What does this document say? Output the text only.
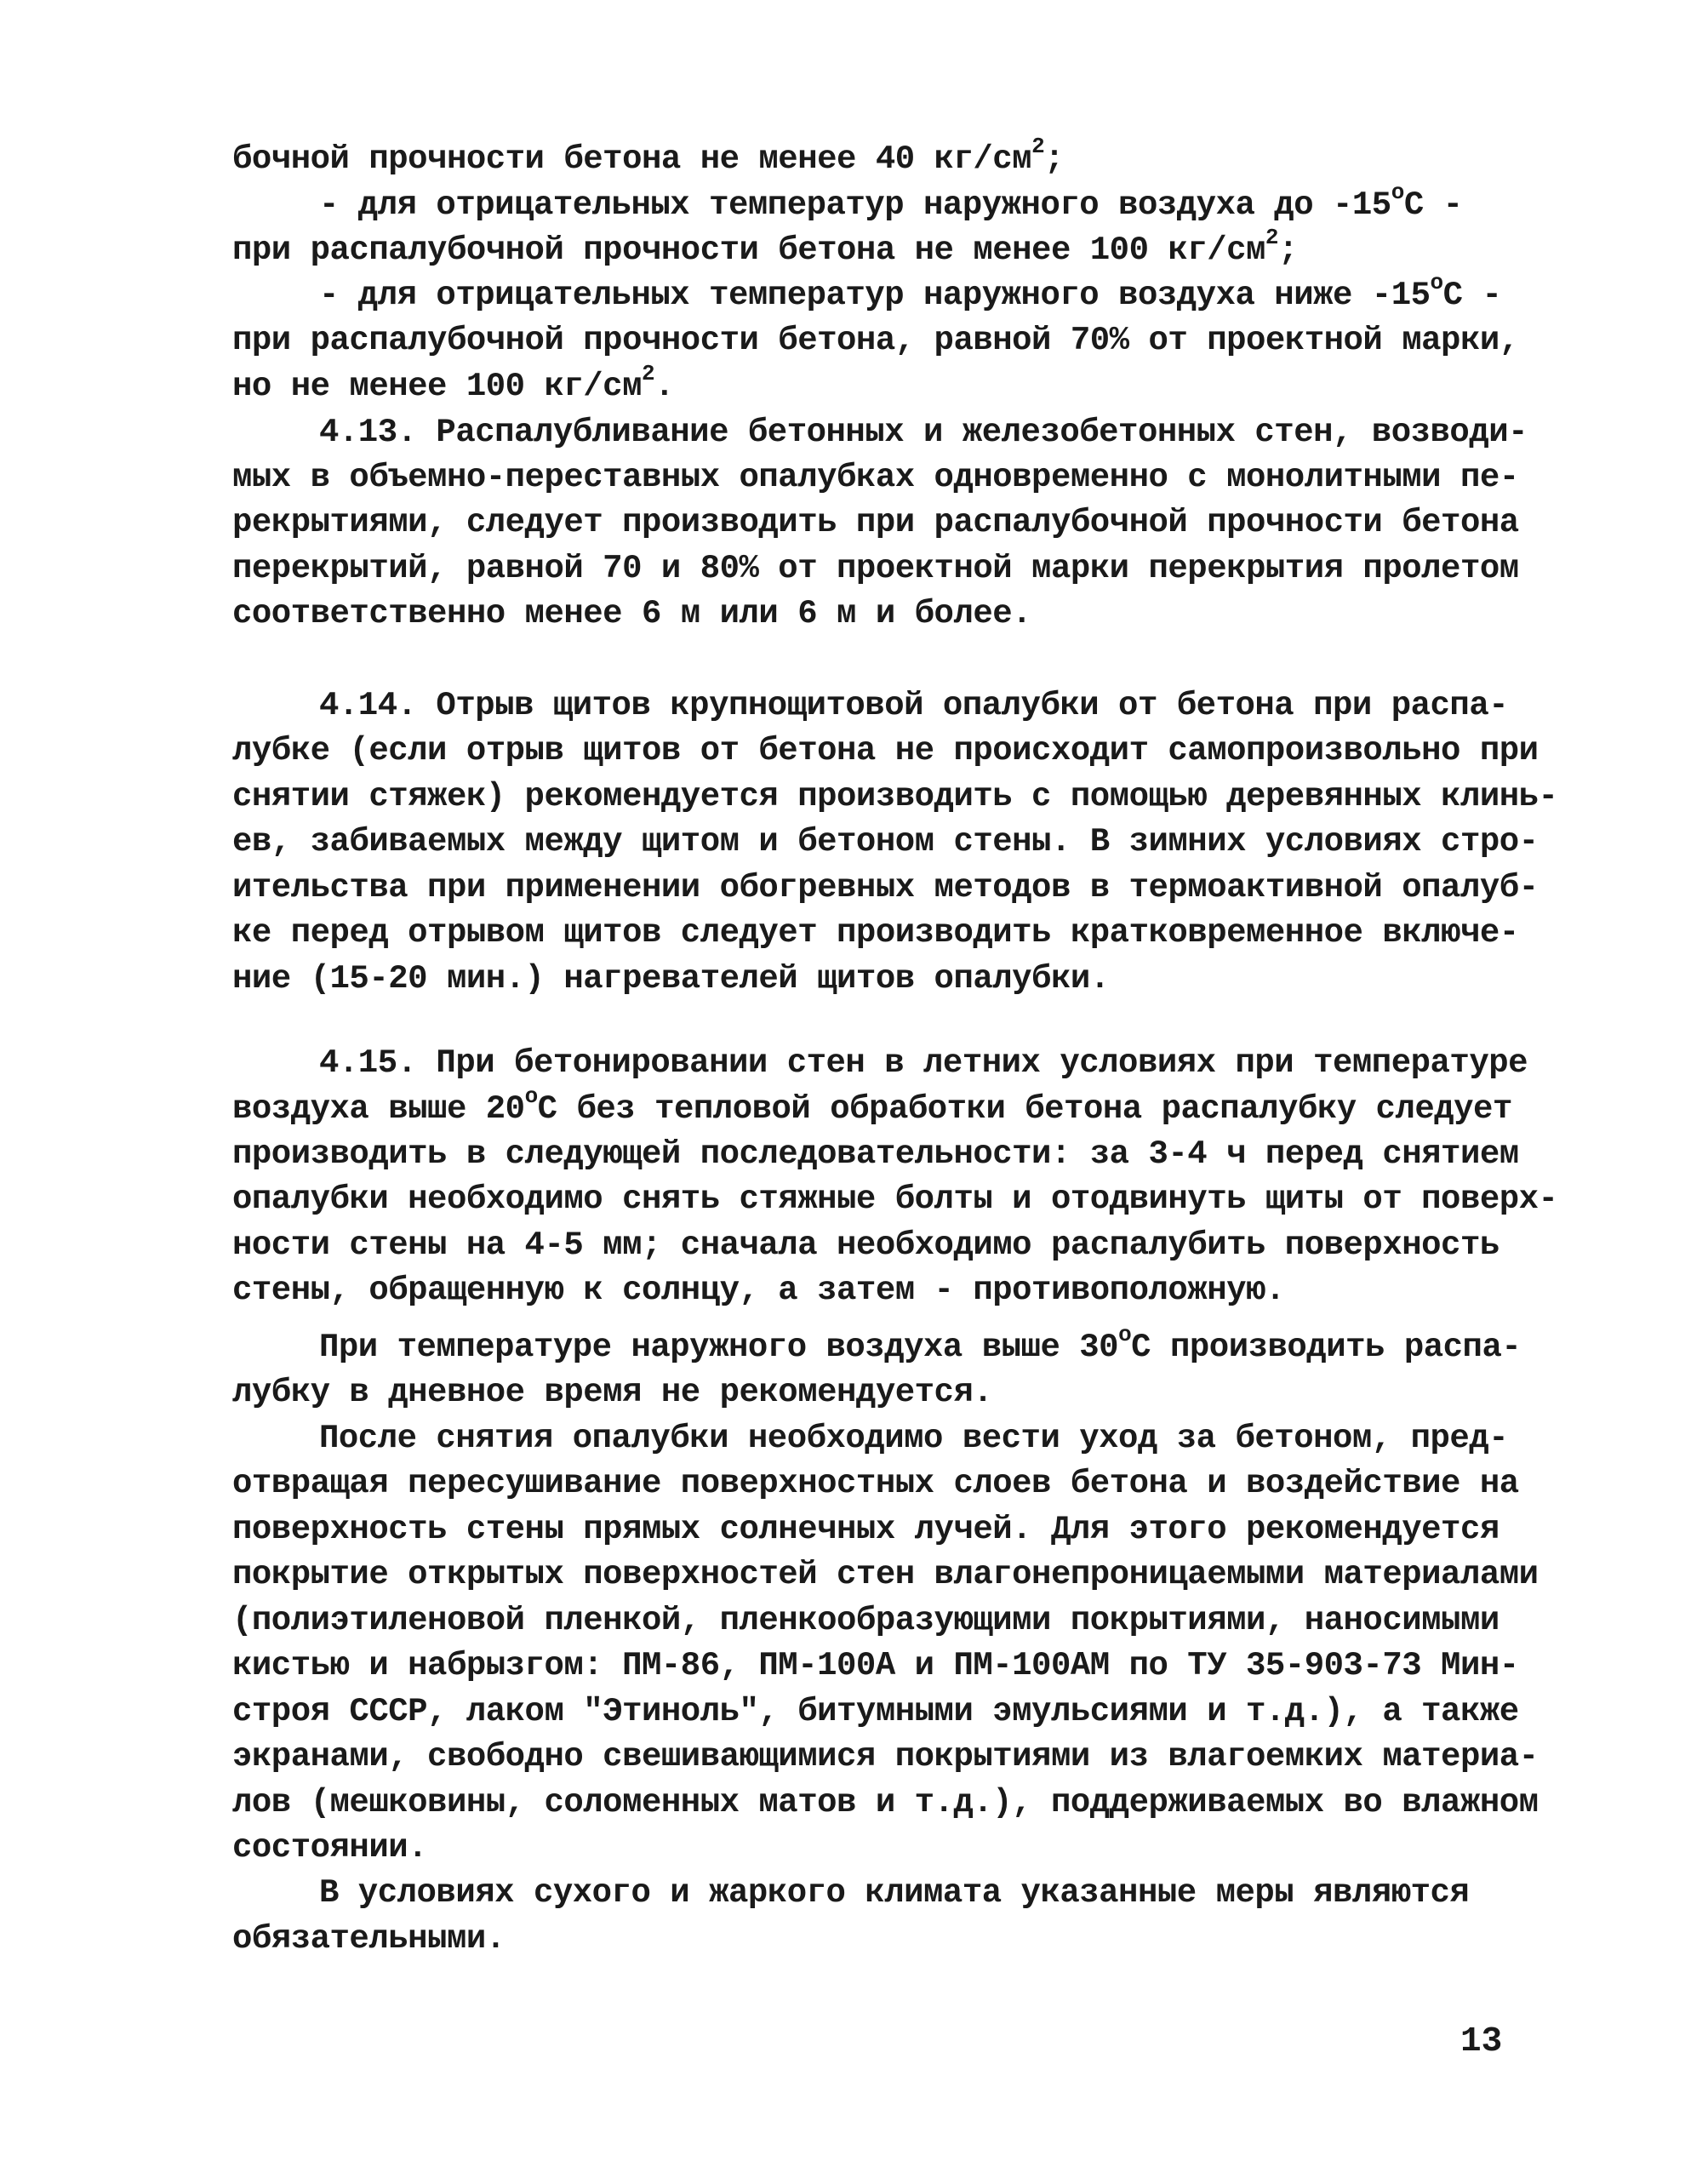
бочной прочности бетона не менее 40 $кг/см^2$;

- для отрицательных температур наружного воздуха до -15$^o$С -

при распалубочной прочности бетона не менее 100 $кг/см^2$;

- для отрицательных температур наружного воздуха ниже -15$^o$С -

при распалубочной прочности бетона, равной 70% от проектной марки,

но не менее 100 $кг/см^2$.

4.13. Распалубливание бетонных и железобетонных стен, возводи-

мых в объемно-переставных опалубках одновременно с монолитными пе-

рекрытиями, следует производить при распалубочной прочности бетона

перекрытий, равной 70 и 80% от проектной марки перекрытия пролетом

соответственно менее 6 м или 6 м и более.

4.14. Отрыв щитов крупнощитовой опалубки от бетона при распа-

лубке (если отрыв щитов от бетона не происходит самопроизвольно при

снятии стяжек) рекомендуется производить с помощью деревянных клинь-

ев, забиваемых между щитом и бетоном стены. В зимних условиях стро-

ительства при применении обогревных методов в термоактивной опалуб-

ке перед отрывом щитов следует производить кратковременное включе-

ние (15-20 мин.) нагревателей щитов опалубки.

4.15. При бетонировании стен в летних условиях при температуре

воздуха выше 20$^o$С без тепловой обработки бетона распалубку следует

производить в следующей последовательности: за 3-4 ч перед снятием

опалубки необходимо снять стяжные болты и отодвинуть щиты от поверх-

ности стены на 4-5 мм; сначала необходимо распалубить поверхность

стены, обращенную к солнцу, а затем - противоположную.

При температуре наружного воздуха выше 30$^o$С производить распа-

лубку в дневное время не рекомендуется.

После снятия опалубки необходимо вести уход за бетоном, пред-

отвращая пересушивание поверхностных слоев бетона и воздействие на

поверхность стены прямых солнечных лучей. Для этого рекомендуется

покрытие открытых поверхностей стен влагонепроницаемыми материалами

(полиэтиленовой пленкой, пленкообразующими покрытиями, наносимыми

кистью и набрызгом: ПМ-86, ПМ-100А и ПМ-100АМ по ТУ 35-903-73 Мин-

строя СССР, лаком "Этиноль", битумными эмульсиями и т.д.), а также

экранами, свободно свешивающимися покрытиями из влагоемких материа-

лов (мешковины, соломенных матов и т.д.), поддерживаемых во влажном

состоянии.

В условиях сухого и жаркого климата указанные меры являются

обязательными.

13
